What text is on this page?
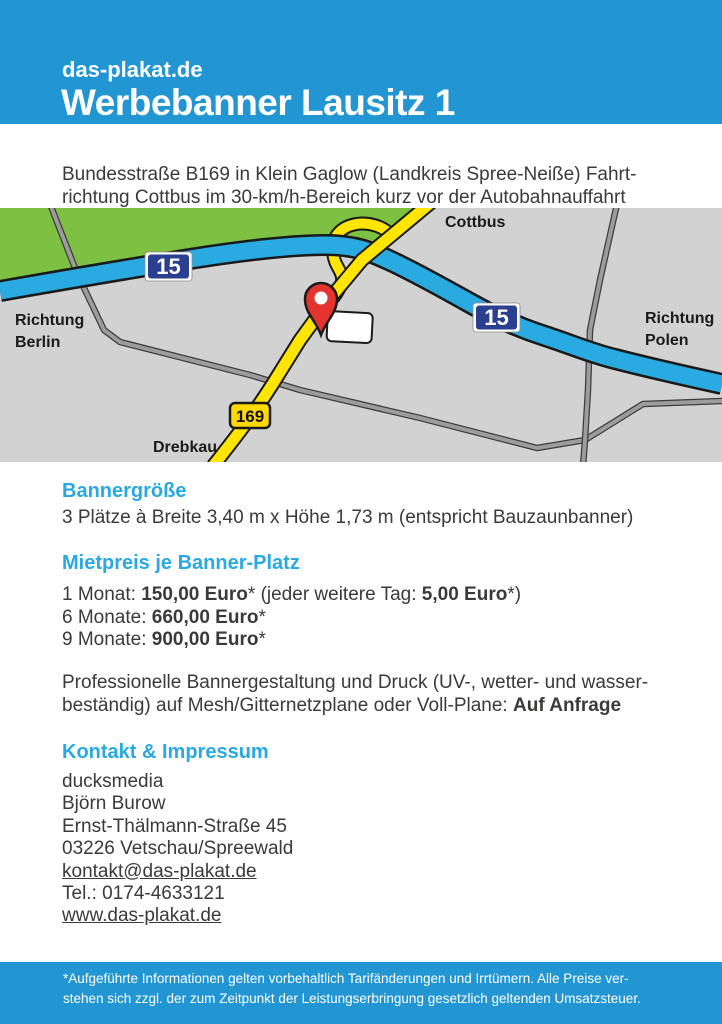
das-plakat.de
Werbebanner Lausitz 1

Bundesstraße B169 in Klein Gaglow (Landkreis Spree-Neiße) Fahrt-
richtung Cottbus im 30-km/h-Bereich kurz vor der Autobahnauffahrt

15
15
169
Cottbus
Richtung
Berlin
Richtung
Polen
Drebkau
Bannergröße

3 Plätze à Breite 3,40 m x Höhe 1,73 m (entspricht Bauzaunbanner)

Mietpreis je Banner-Platz
1 Monat: 150,00 Euro* (jeder weitere Tag: 5,00 Euro*)
6 Monate: 660,00 Euro*
9 Monate: 900,00 Euro*

Professionelle Bannergestaltung und Druck (UV-, wetter- und wasser-
beständig) auf Mesh/Gitternetzplane oder Voll-Plane: Auf Anfrage

Kontakt & Impressum
ducksmedia
Björn Burow
Ernst-Thälmann-Straße 45
03226 Vetschau/Spreewald
kontakt@das-plakat.de
Tel.: 0174-4633121
www.das-plakat.de
*Aufgeführte Informationen gelten vorbehaltlich Tarifänderungen und Irrtümern. Alle Preise ver-
stehen sich zzgl. der zum Zeitpunkt der Leistungserbringung gesetzlich geltenden Umsatzsteuer.
